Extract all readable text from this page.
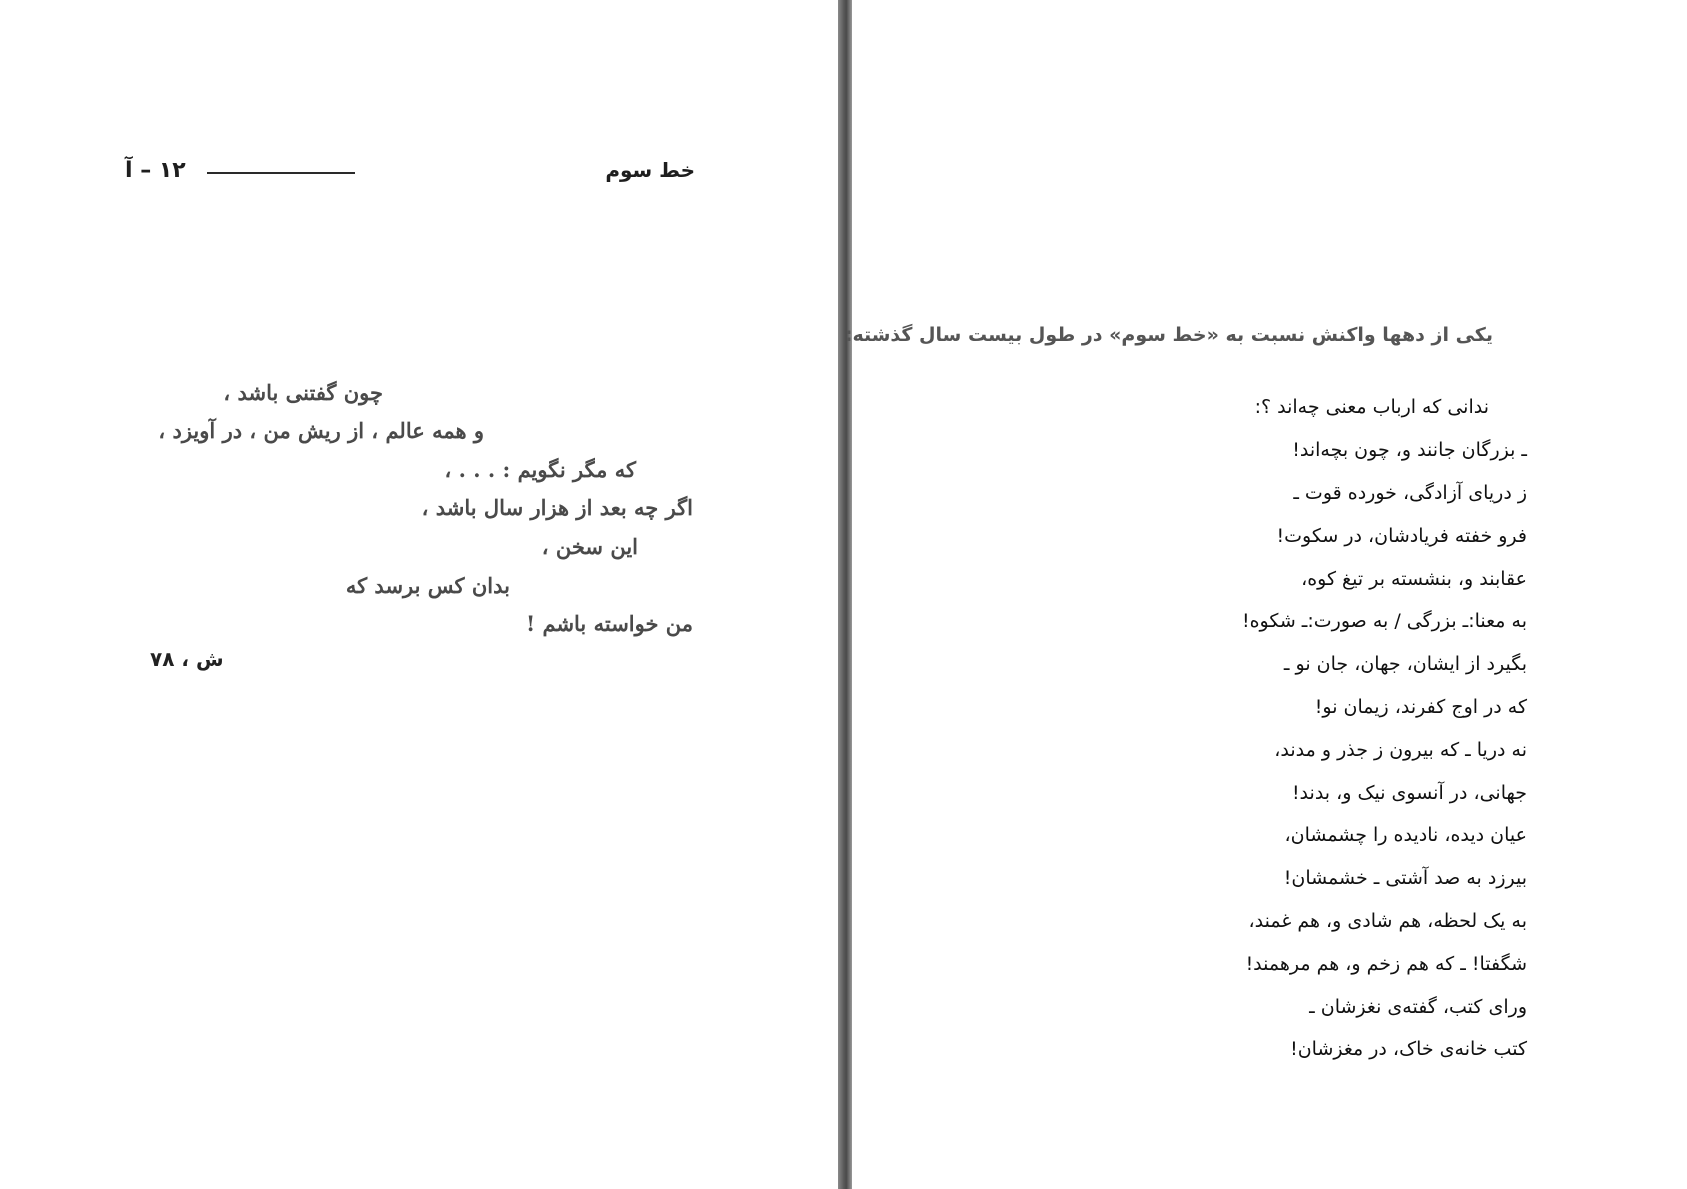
خط سوم
۱۲ – آ
چون گفتنی باشد ،
و همه عالم ، از ریش من ، در آویزد ،
که مگر نگویم : . . . ،
اگر چه بعد از هزار سال باشد ،
این سخن ،
بدان کس برسد که
من خواسته باشم !
ش ، ۷۸
یکی از دهها واکنش نسبت به «خط سوم» در طول بیست سال گذشته:
ندانی که ارباب معنی چه‌اند ؟:
ـ بزرگان جانند و، چون بچه‌اند!
ز دریای آزادگی، خورده قوت ـ
فرو خفته فریادشان، در سکوت!
عقابند و، بنشسته بر تیغ کوه،
به معنا:ـ بزرگی / به صورت:ـ شکوه!
بگیرد از ایشان، جهان، جان نو ـ
که در اوج کفرند، زیمان نو!
نه دریا ـ که بیرون ز جذر و مدند،
جهانی، در آنسوی نیک و، بدند!
عیان دیده، نادیده را چشمشان،
بیرزد به صد آشتی ـ خشمشان!
به یک لحظه، هم شادی و، هم غمند،
شگفتا! ـ که هم زخم و، هم مرهمند!
ورای کتب، گفته‌ی نغزشان ـ
کتب خانه‌ی خاک، در مغزشان!
